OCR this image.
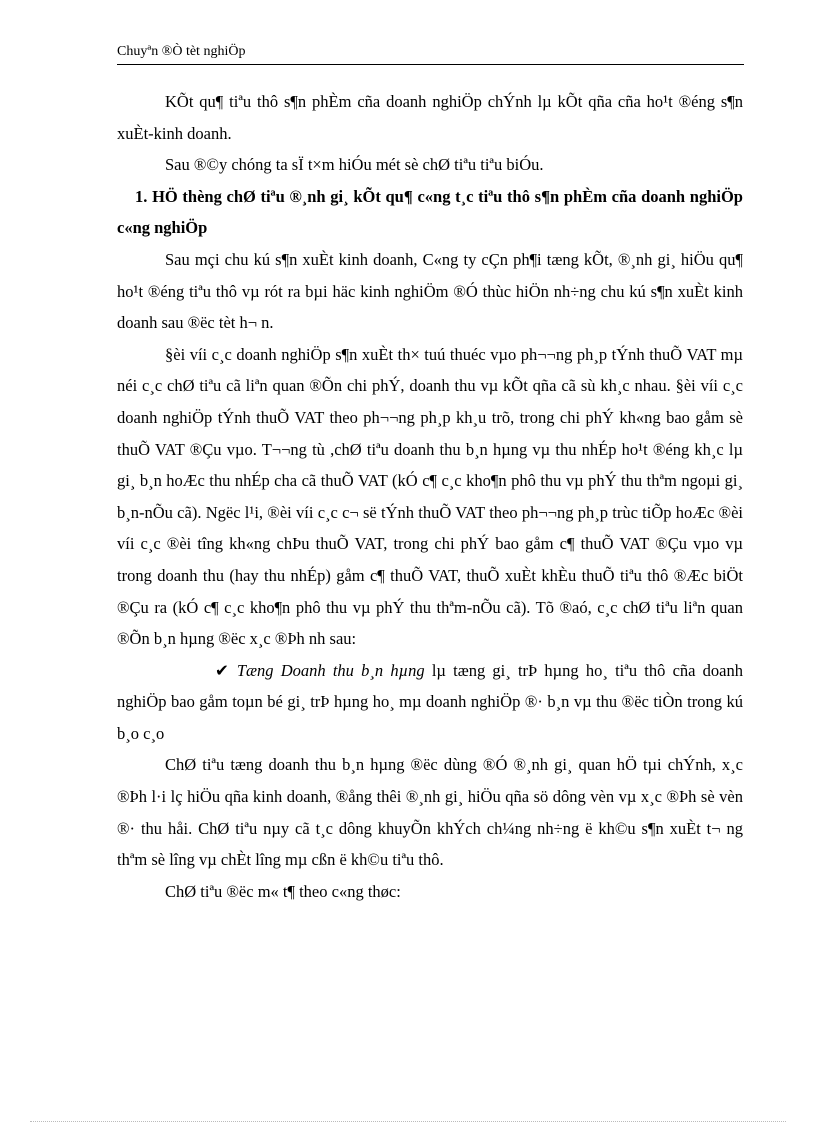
Chuyªn ®Ò tèt nghiÖp

KÕt qu¶ tiªu thô s¶n phÈm cña doanh nghiÖp chÝnh lµ kÕt qña cña ho¹t ®éng s¶n xuÈt-kinh doanh.

Sau ®©y chóng ta sÏ t×m hiÓu mét sè chØ tiªu tiªu biÓu.

1. HÖ thèng chØ tiªu ®¸nh gi¸ kÕt qu¶ c«ng t¸c tiªu thô s¶n phÈm cña doanh nghiÖp c«ng nghiÖp

Sau mçi chu kú s¶n xuÈt kinh doanh, C«ng ty cÇn ph¶i tæng kÕt, ®¸nh gi¸ hiÖu qu¶ ho¹t ®éng tiªu thô vµ rót ra bµi häc kinh nghiÖm ®Ó thùc hiÖn nh÷ng chu kú s¶n xuÈt kinh doanh sau ®ëc tèt h¬ n.

§èi víi c¸c doanh nghiÖp s¶n xuÈt th× tuú thuéc vµo ph¬¬ng ph¸p tÝnh thuÕ VAT mµ néi c¸c chØ tiªu cã liªn quan ®Õn chi phÝ, doanh thu vµ kÕt qña cã sù kh¸c nhau. §èi víi c¸c doanh nghiÖp tÝnh thuÕ VAT theo ph¬¬ng ph¸p kh¸u trõ, trong chi phÝ kh«ng bao gåm sè thuÕ VAT ®Çu vµo. T¬¬ng tù ,chØ tiªu doanh thu b¸n hµng vµ thu nhÉp ho¹t ®éng kh¸c lµ gi¸ b¸n hoÆc thu nhÉp cha cã thuÕ VAT (kÓ c¶ c¸c kho¶n phô thu vµ phÝ thu thªm ngoµi gi¸ b¸n-nÕu cã). Ngëc l¹i, ®èi víi c¸c c¬ së tÝnh thuÕ VAT theo ph¬¬ng ph¸p trùc tiÕp hoÆc ®èi víi c¸c ®èi tîng kh«ng chÞu thuÕ VAT, trong chi phÝ bao gåm c¶ thuÕ VAT ®Çu vµo vµ trong doanh thu (hay thu nhÉp) gåm c¶ thuÕ VAT, thuÕ xuÈt khÈu thuÕ tiªu thô ®Æc biÖt ®Çu ra (kÓ c¶ c¸c kho¶n phô thu vµ phÝ thu thªm-nÕu cã). Tõ ®aó, c¸c chØ tiªu liªn quan ®Õn b¸n hµng ®ëc x¸c ®Þh nh sau:

✔ Tæng Doanh thu b¸n hµng lµ tæng gi¸ trÞ hµng ho¸ tiªu thô cña doanh nghiÖp bao gåm toµn bé gi¸ trÞ hµng ho¸ mµ doanh nghiÖp ®· b¸n vµ thu ®ëc tiÒn trong kú b¸o c¸o

ChØ tiªu tæng doanh thu b¸n hµng ®ëc dùng ®Ó ®¸nh gi¸ quan hÖ tµi chÝnh, x¸c ®Þh l·i lç hiÖu qña kinh doanh, ®ång thêi ®¸nh gi¸ hiÖu qña sö dông vèn vµ x¸c ®Þh sè vèn ®· thu håi. ChØ tiªu nµy cã t¸c dông khuyÕn khÝch ch¼ng nh÷ng ë kh©u s¶n xuÈt t¬ ng thªm sè lîng vµ chÈt lîng mµ cßn ë kh©u tiªu thô.

ChØ tiªu ®ëc m« t¶ theo c«ng thøc:
